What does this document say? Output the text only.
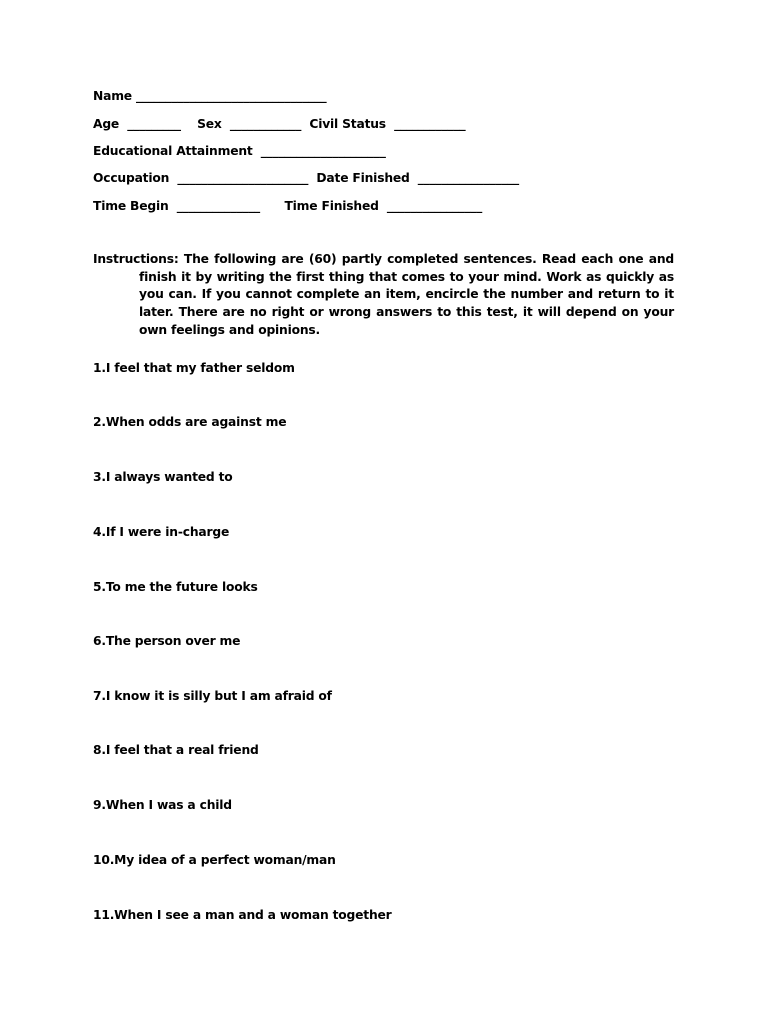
Name ________________________________
Age _________ Sex ____________ Civil Status ____________
Educational Attainment _____________________
Occupation ______________________ Date Finished _________________
Time Begin ______________ Time Finished ________________
Instructions: The following are (60) partly completed sentences. Read each one and finish it by writing the first thing that comes to your mind. Work as quickly as you can. If you cannot complete an item, encircle the number and return to it later. There are no right or wrong answers to this test, it will depend on your own feelings and opinions.
1.I feel that my father seldom
2.When odds are against me
3.I always wanted to
4.If I were in-charge
5.To me the future looks
6.The person over me
7.I know it is silly but I am afraid of
8.I feel that a real friend
9.When I was a child
10.My idea of a perfect woman/man
11.When I see a man and a woman together
